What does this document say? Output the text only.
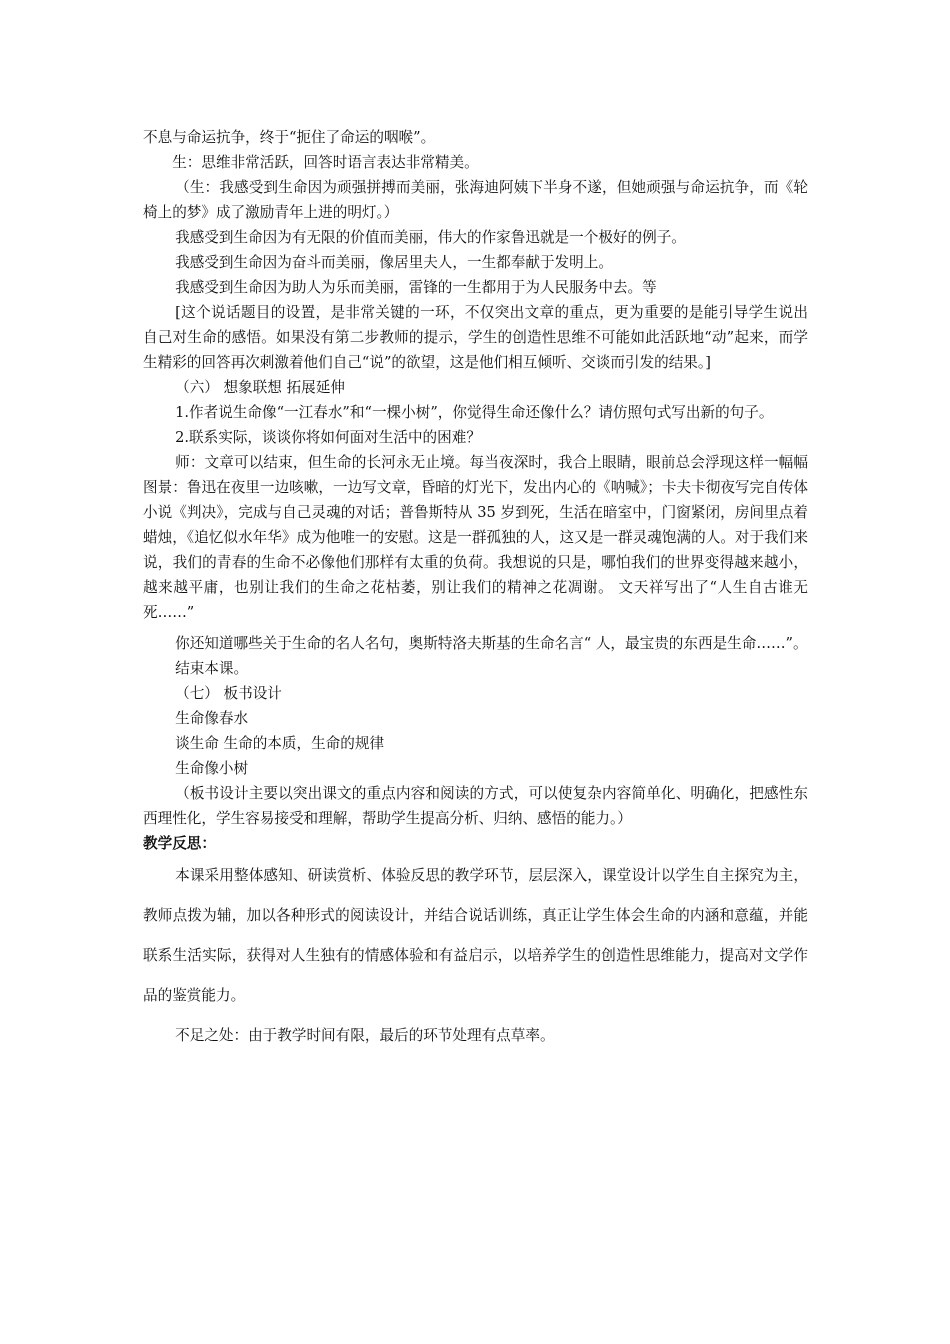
不息与命运抗争，终于“扼住了命运的咽喉”。

生：思维非常活跃，回答时语言表达非常精美。

（生：我感受到生命因为顽强拼搏而美丽，张海迪阿姨下半身不遂，但她顽强与命运抗争，而《轮椅上的梦》成了激励青年上进的明灯。）

我感受到生命因为有无限的价值而美丽，伟大的作家鲁迅就是一个极好的例子。

我感受到生命因为奋斗而美丽，像居里夫人，一生都奉献于发明上。

我感受到生命因为助人为乐而美丽，雷锋的一生都用于为人民服务中去。等

[这个说话题目的设置，是非常关键的一环，不仅突出文章的重点，更为重要的是能引导学生说出自己对生命的感悟。如果没有第二步教师的提示，学生的创造性思维不可能如此活跃地“动”起来，而学生精彩的回答再次刺激着他们自己“说”的欲望，这是他们相互倾听、交谈而引发的结果。]

（六） 想象联想 拓展延伸

1.作者说生命像“一江春水”和“一棵小树”，你觉得生命还像什么？请仿照句式写出新的句子。

2.联系实际，谈谈你将如何面对生活中的困难？

师：文章可以结束，但生命的长河永无止境。每当夜深时，我合上眼睛，眼前总会浮现这样一幅幅图景：鲁迅在夜里一边咳嗽，一边写文章，昏暗的灯光下，发出内心的《呐喊》；卡夫卡彻夜写完自传体小说《判决》，完成与自己灵魂的对话；普鲁斯特从 35 岁到死，生活在暗室中，门窗紧闭，房间里点着蜡烛，《追忆似水年华》成为他唯一的安慰。这是一群孤独的人，这又是一群灵魂饱满的人。对于我们来说，我们的青春的生命不必像他们那样有太重的负荷。我想说的只是，哪怕我们的世界变得越来越小，越来越平庸，也别让我们的生命之花枯萎，别让我们的精神之花凋谢。 文天祥写出了“人生自古谁无死……”

你还知道哪些关于生命的名人名句，奥斯特洛夫斯基的生命名言“ 人，最宝贵的东西是生命……”。

结束本课。

（七） 板书设计

生命像春水

谈生命 生命的本质，生命的规律

生命像小树

（板书设计主要以突出课文的重点内容和阅读的方式，可以使复杂内容简单化、明确化，把感性东西理性化，学生容易接受和理解，帮助学生提高分析、归纳、感悟的能力。）

教学反思：

本课采用整体感知、研读赏析、体验反思的教学环节，层层深入，课堂设计以学生自主探究为主，教师点拨为辅，加以各种形式的阅读设计，并结合说话训练，真正让学生体会生命的内涵和意蕴，并能联系生活实际，获得对人生独有的情感体验和有益启示，以培养学生的创造性思维能力，提高对文学作品的鉴赏能力。

不足之处：由于教学时间有限，最后的环节处理有点草率。
